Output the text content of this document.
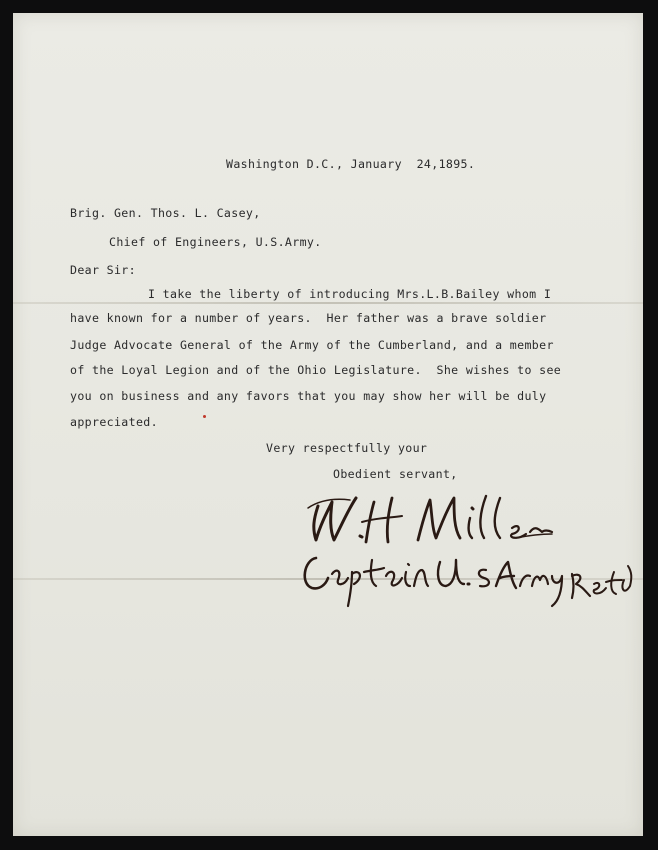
Washington D.C., January  24,1895.
Brig. Gen. Thos. L. Casey,
Chief of Engineers, U.S.Army.
Dear Sir:
I take the liberty of introducing Mrs.L.B.Bailey whom I
have known for a number of years.  Her father was a brave soldier
Judge Advocate General of the Army of the Cumberland, and a member
of the Loyal Legion and of the Ohio Legislature.  She wishes to see
you on business and any favors that you may show her will be duly
appreciated.
Very respectfully your
Obedient servant,
